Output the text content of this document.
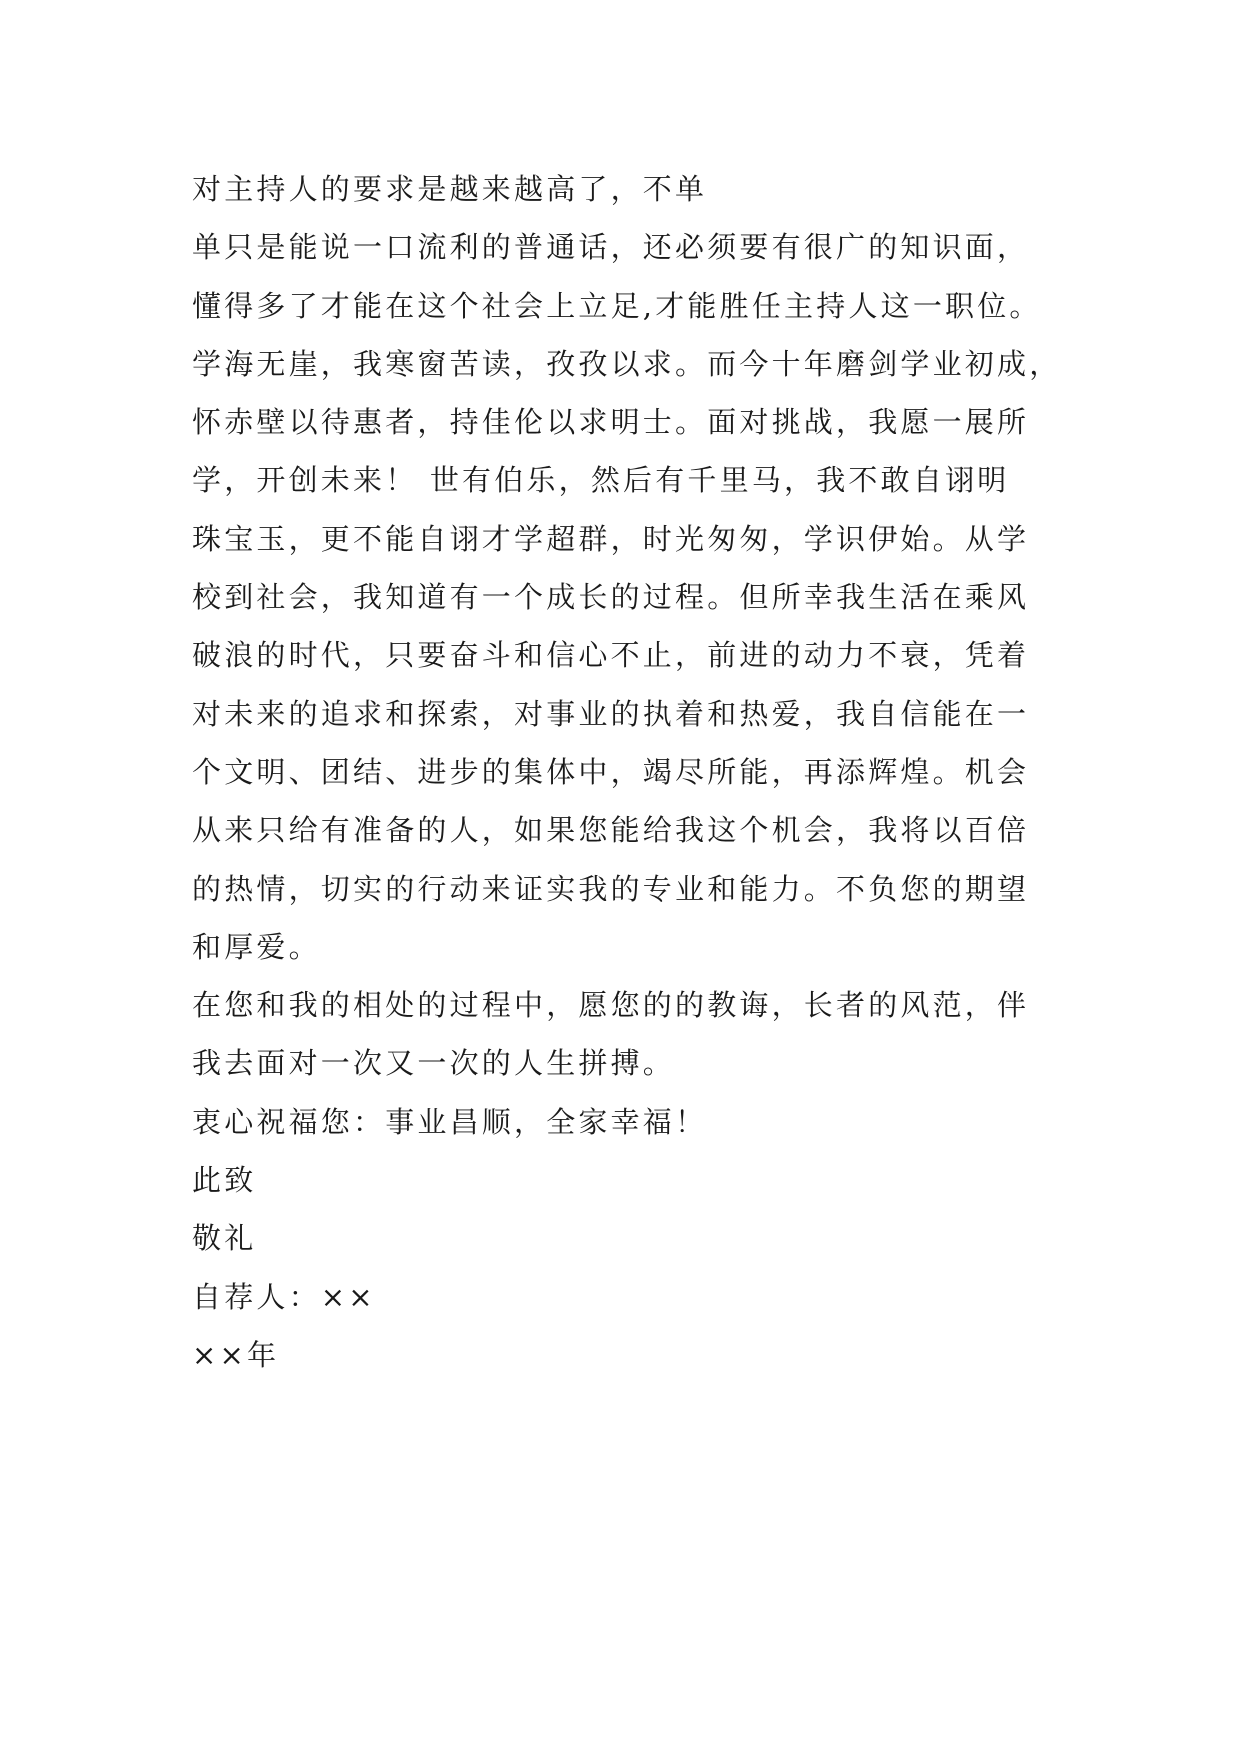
对主持人的要求是越来越高了，不单
单只是能说一口流利的普通话，还必须要有很广的知识面，
懂得多了才能在这个社会上立足,才能胜任主持人这一职位。
学海无崖，我寒窗苦读，孜孜以求。而今十年磨剑学业初成，
怀赤壁以待惠者，持佳伦以求明士。面对挑战，我愿一展所
学，开创未来！ 世有伯乐，然后有千里马，我不敢自诩明
珠宝玉，更不能自诩才学超群，时光匆匆，学识伊始。从学
校到社会，我知道有一个成长的过程。但所幸我生活在乘风
破浪的时代，只要奋斗和信心不止，前进的动力不衰，凭着
对未来的追求和探索，对事业的执着和热爱，我自信能在一
个文明、团结、进步的集体中，竭尽所能，再添辉煌。机会
从来只给有准备的人，如果您能给我这个机会，我将以百倍
的热情，切实的行动来证实我的专业和能力。不负您的期望
和厚爱。
在您和我的相处的过程中，愿您的的教诲，长者的风范，伴
我去面对一次又一次的人生拼搏。
衷心祝福您：事业昌顺，全家幸福！
此致
敬礼
自荐人：××
××年
